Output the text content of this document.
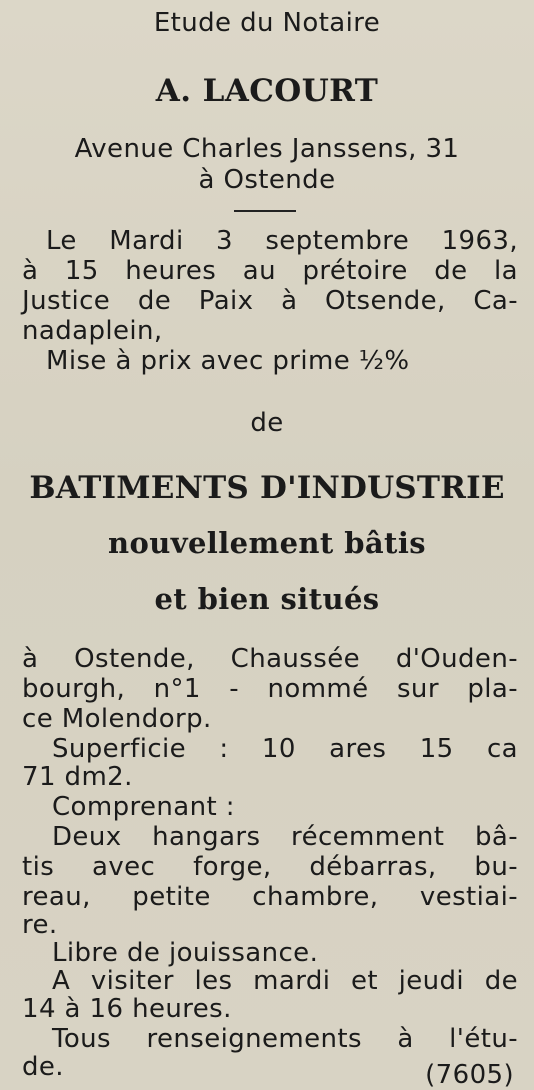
Etude du Notaire
A. LACOURT
Avenue Charles Janssens, 31
à Ostende
Le Mardi 3 septembre 1963,
à 15 heures au prétoire de la
Justice de Paix à Otsende, Ca-
nadaplein,
Mise à prix avec prime ½%
de
BATIMENTS D'INDUSTRIE
nouvellement bâtis
et bien situés
à Ostende, Chaussée d'Ouden-
bourgh, n°1 - nommé sur pla-
ce Molendorp.
Superficie : 10 ares 15 ca
71 dm2.
Comprenant :
Deux hangars récemment bâ-
tis avec forge, débarras, bu-
reau, petite chambre, vestiai-
re.
Libre de jouissance.
A visiter les mardi et jeudi de
14 à 16 heures.
Tous renseignements à l'étu-
de.	(7605)
